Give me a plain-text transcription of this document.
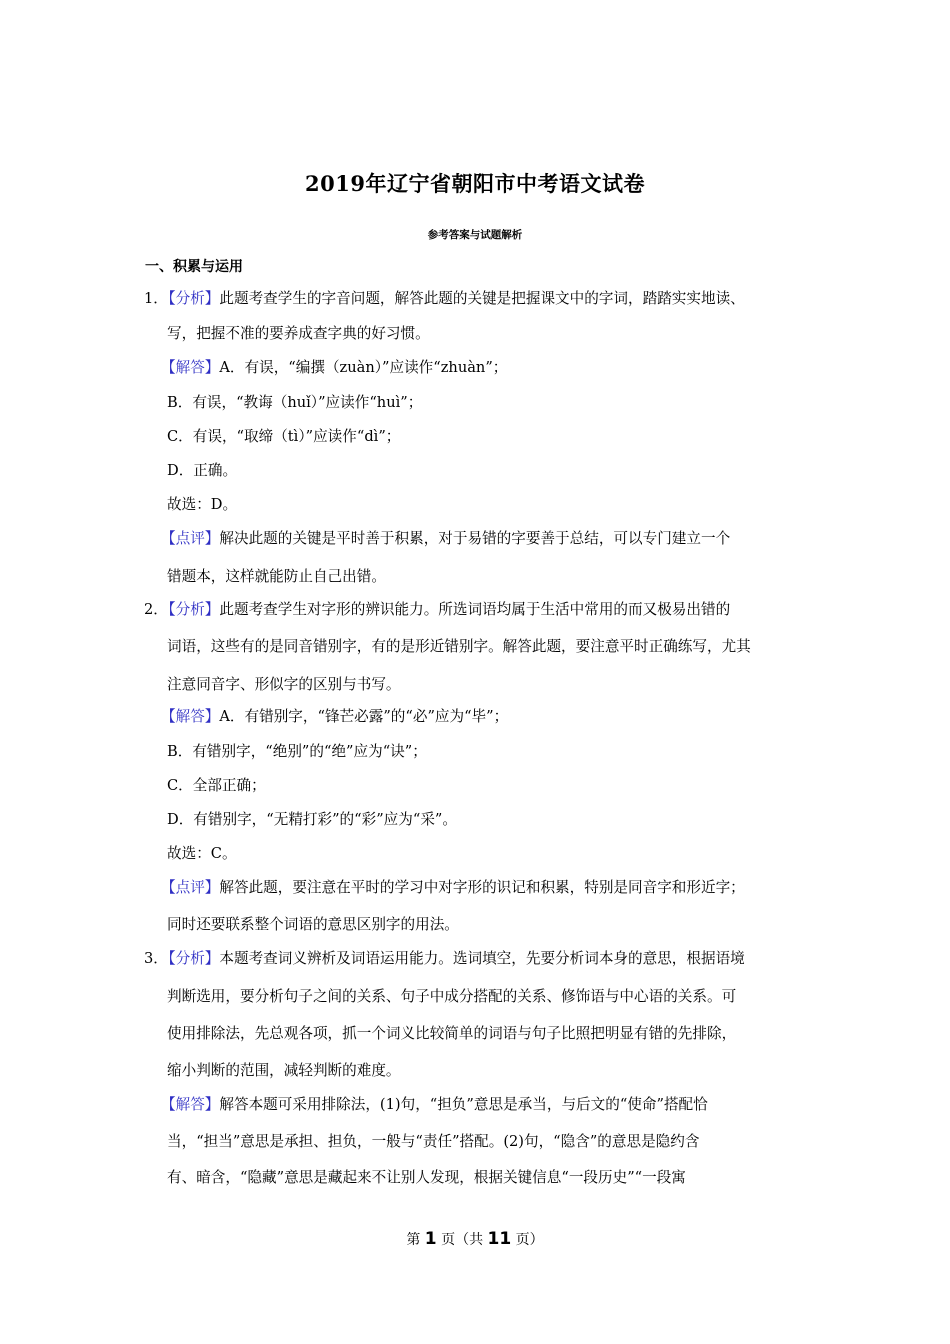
2019年辽宁省朝阳市中考语文试卷
参考答案与试题解析
一、积累与运用
1．
【分析】此题考查学生的字音问题，解答此题的关键是把握课文中的字词，踏踏实实地读、
写，把握不准的要养成查字典的好习惯。
【解答】A．有误，“编撰（zuàn）”应读作“zhuàn”；
B．有误，“教诲（huǐ）”应读作“huì”；
C．有误，“取缔（tì）”应读作“dì”；
D．正确。
故选：D。
【点评】解决此题的关键是平时善于积累，对于易错的字要善于总结，可以专门建立一个
错题本，这样就能防止自己出错。
2．
【分析】此题考查学生对字形的辨识能力。所选词语均属于生活中常用的而又极易出错的
词语，这些有的是同音错别字，有的是形近错别字。解答此题，要注意平时正确练写，尤其
注意同音字、形似字的区别与书写。
【解答】A．有错别字，“锋芒必露”的“必”应为“毕”；
B．有错别字，“绝别”的“绝”应为“诀”；
C．全部正确；
D．有错别字，“无精打彩”的“彩”应为“采”。
故选：C。
【点评】解答此题，要注意在平时的学习中对字形的识记和积累，特别是同音字和形近字；
同时还要联系整个词语的意思区别字的用法。
3．
【分析】本题考查词义辨析及词语运用能力。选词填空，先要分析词本身的意思，根据语境
判断选用，要分析句子之间的关系、句子中成分搭配的关系、修饰语与中心语的关系。可
使用排除法，先总观各项，抓一个词义比较简单的词语与句子比照把明显有错的先排除，
缩小判断的范围，减轻判断的难度。
【解答】解答本题可采用排除法，(1)句，“担负”意思是承当，与后文的“使命”搭配恰
当，“担当”意思是承担、担负，一般与“责任”搭配。(2)句，“隐含”的意思是隐约含
有、暗含，“隐藏”意思是藏起来不让别人发现，根据关键信息“一段历史”“一段寓
第 1 页（共 11 页）
